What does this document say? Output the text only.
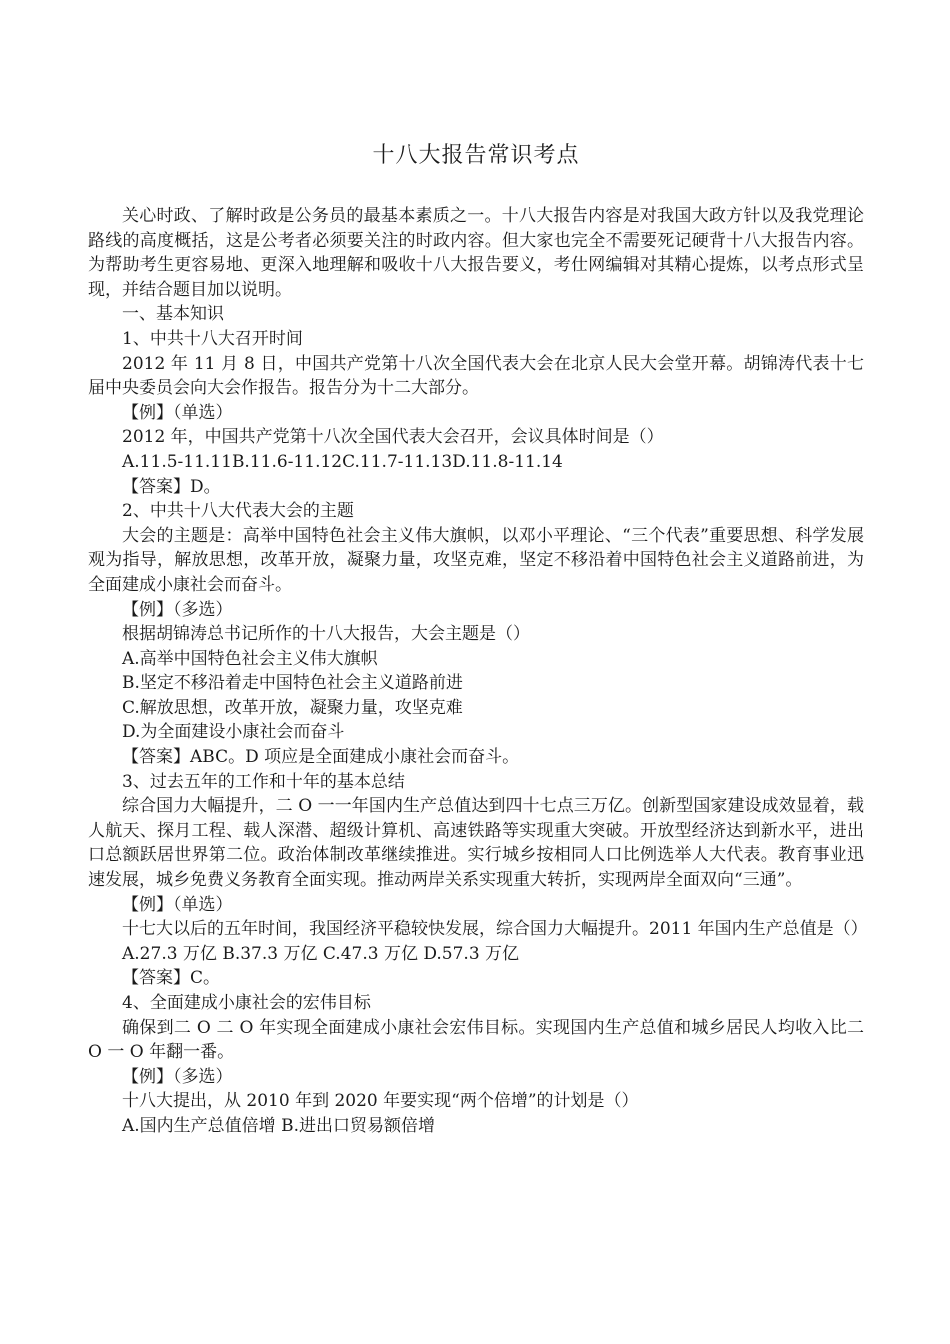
十八大报告常识考点

关心时政、了解时政是公务员的最基本素质之一。十八大报告内容是对我国大政方针以及我党理论路线的高度概括，这是公考者必须要关注的时政内容。但大家也完全不需要死记硬背十八大报告内容。为帮助考生更容易地、更深入地理解和吸收十八大报告要义，考仕网编辑对其精心提炼，以考点形式呈现，并结合题目加以说明。

一、基本知识

1、中共十八大召开时间

2012 年 11 月 8 日，中国共产党第十八次全国代表大会在北京人民大会堂开幕。胡锦涛代表十七届中央委员会向大会作报告。报告分为十二大部分。

【例】（单选）

2012 年，中国共产党第十八次全国代表大会召开，会议具体时间是（）

A.11.5-11.11B.11.6-11.12C.11.7-11.13D.11.8-11.14

【答案】D。

2、中共十八大代表大会的主题

大会的主题是：高举中国特色社会主义伟大旗帜，以邓小平理论、“三个代表”重要思想、科学发展观为指导，解放思想，改革开放，凝聚力量，攻坚克难，坚定不移沿着中国特色社会主义道路前进，为全面建成小康社会而奋斗。

【例】（多选）

根据胡锦涛总书记所作的十八大报告，大会主题是（）

A.高举中国特色社会主义伟大旗帜

B.坚定不移沿着走中国特色社会主义道路前进

C.解放思想，改革开放，凝聚力量，攻坚克难

D.为全面建设小康社会而奋斗

【答案】ABC。D 项应是全面建成小康社会而奋斗。

3、过去五年的工作和十年的基本总结

综合国力大幅提升，二 O 一一年国内生产总值达到四十七点三万亿。创新型国家建设成效显着，载人航天、探月工程、载人深潜、超级计算机、高速铁路等实现重大突破。开放型经济达到新水平，进出口总额跃居世界第二位。政治体制改革继续推进。实行城乡按相同人口比例选举人大代表。教育事业迅速发展，城乡免费义务教育全面实现。推动两岸关系实现重大转折，实现两岸全面双向“三通”。

【例】（单选）

十七大以后的五年时间，我国经济平稳较快发展，综合国力大幅提升。2011 年国内生产总值是（）

A.27.3 万亿 B.37.3 万亿 C.47.3 万亿 D.57.3 万亿

【答案】C。

4、全面建成小康社会的宏伟目标

确保到二 O 二 O 年实现全面建成小康社会宏伟目标。实现国内生产总值和城乡居民人均收入比二 O 一 O 年翻一番。

【例】（多选）

十八大提出，从 2010 年到 2020 年要实现“两个倍增”的计划是（）

A.国内生产总值倍增 B.进出口贸易额倍增
